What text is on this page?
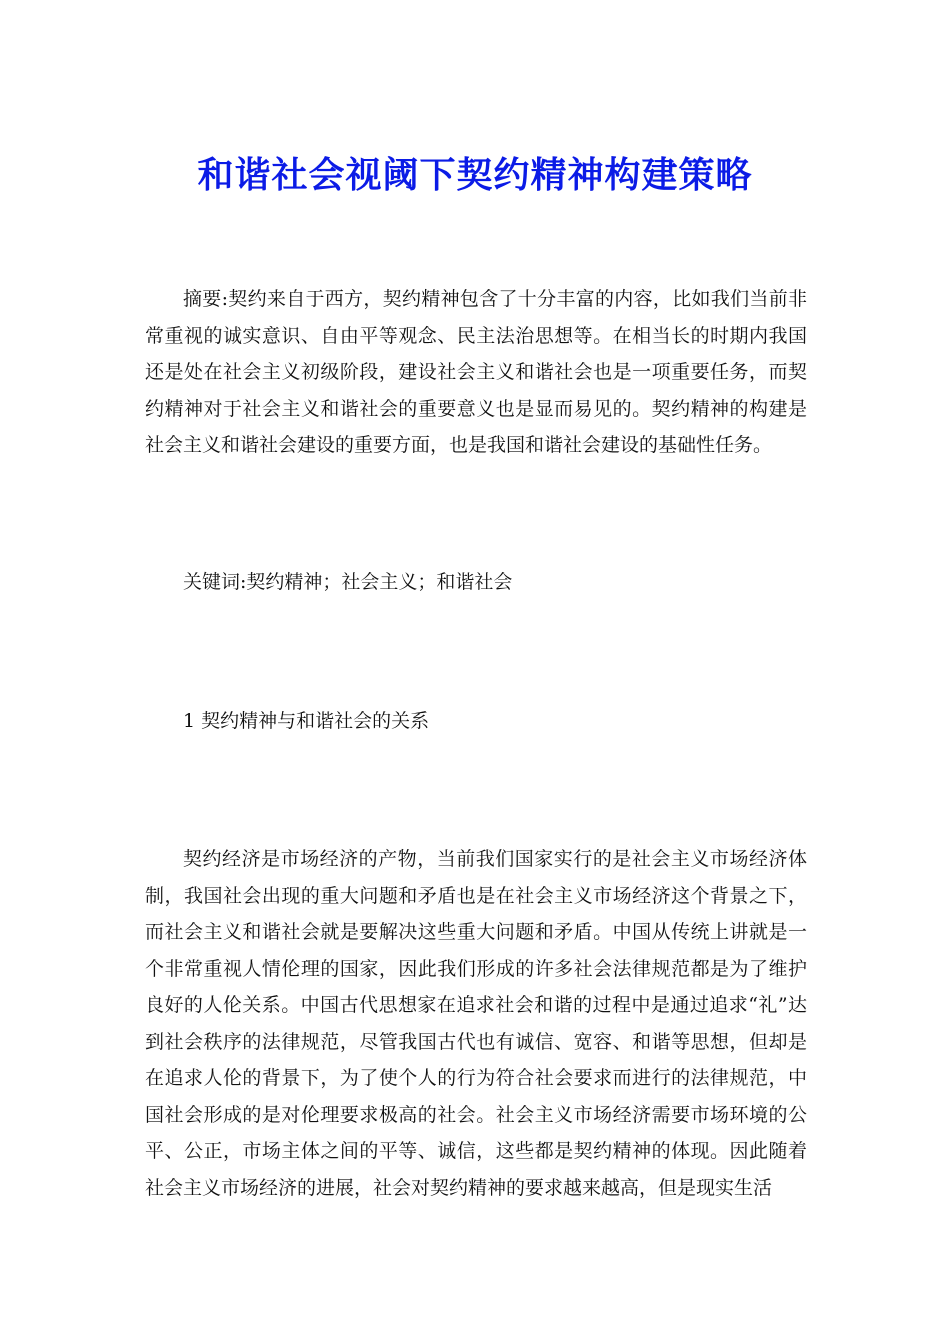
和谐社会视阈下契约精神构建策略

摘要:契约来自于西方，契约精神包含了十分丰富的内容，比如我们当前非常重视的诚实意识、自由平等观念、民主法治思想等。在相当长的时期内我国还是处在社会主义初级阶段，建设社会主义和谐社会也是一项重要任务，而契约精神对于社会主义和谐社会的重要意义也是显而易见的。契约精神的构建是社会主义和谐社会建设的重要方面，也是我国和谐社会建设的基础性任务。

关键词:契约精神；社会主义；和谐社会

1 契约精神与和谐社会的关系

契约经济是市场经济的产物，当前我们国家实行的是社会主义市场经济体制，我国社会出现的重大问题和矛盾也是在社会主义市场经济这个背景之下，而社会主义和谐社会就是要解决这些重大问题和矛盾。中国从传统上讲就是一个非常重视人情伦理的国家，因此我们形成的许多社会法律规范都是为了维护良好的人伦关系。中国古代思想家在追求社会和谐的过程中是通过追求“礼”达到社会秩序的法律规范，尽管我国古代也有诚信、宽容、和谐等思想，但却是在追求人伦的背景下，为了使个人的行为符合社会要求而进行的法律规范，中国社会形成的是对伦理要求极高的社会。社会主义市场经济需要市场环境的公平、公正，市场主体之间的平等、诚信，这些都是契约精神的体现。因此随着社会主义市场经济的进展，社会对契约精神的要求越来越高，但是现实生活
